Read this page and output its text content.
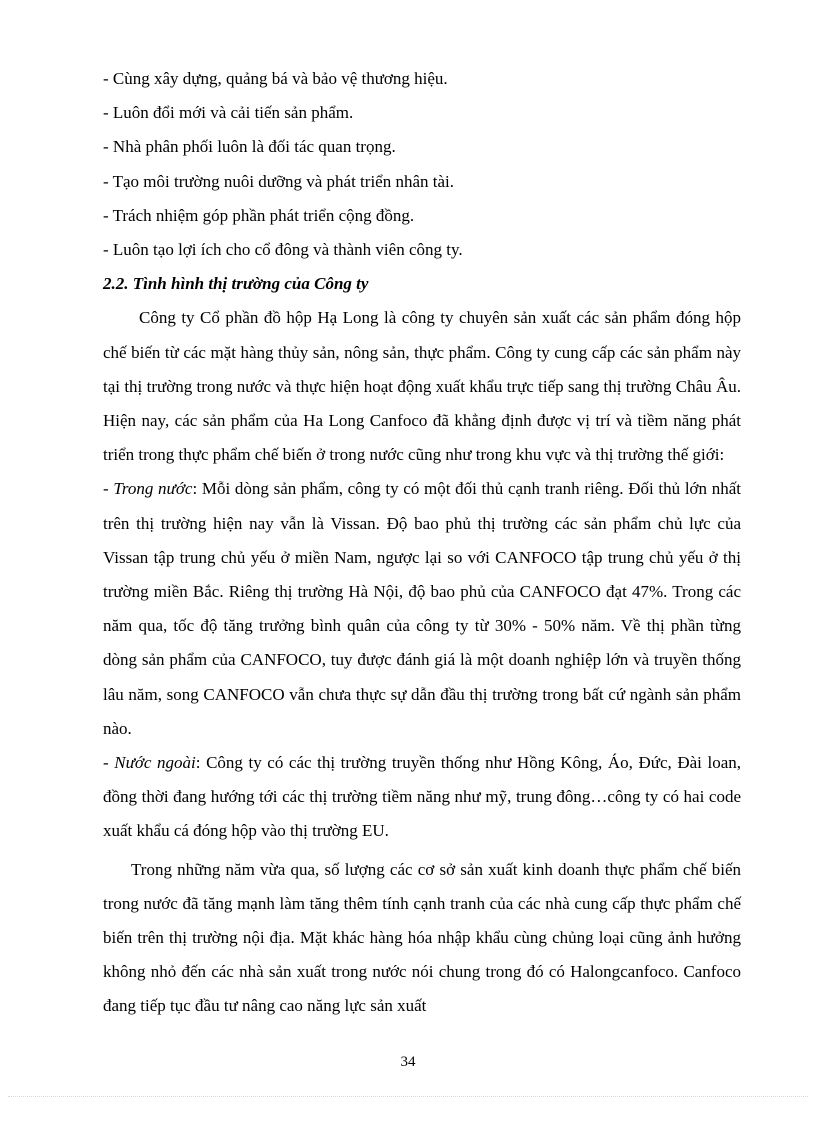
- Cùng xây dựng, quảng bá và bảo vệ thương hiệu.
- Luôn đổi mới và cải tiến sản phẩm.
- Nhà phân phối luôn là đối tác quan trọng.
- Tạo môi trường nuôi dưỡng và phát triển nhân tài.
- Trách nhiệm góp phần phát triển cộng đồng.
- Luôn tạo lợi ích cho cổ đông và thành viên công ty.
2.2. Tình hình thị trường của Công ty

Công ty Cổ phần đồ hộp Hạ Long là công ty chuyên sản xuất các sản phẩm đóng hộp chế biến từ các mặt hàng thủy sản, nông sản, thực phẩm. Công ty cung cấp các sản phẩm này tại thị trường trong nước và thực hiện hoạt động xuất khẩu trực tiếp sang thị trường Châu Âu. Hiện nay, các sản phẩm của Ha Long Canfoco đã khẳng định được vị trí và tiềm năng phát triển trong thực phẩm chế biến ở trong nước cũng như trong khu vực và thị trường thế giới:

- Trong nước: Mỗi dòng sản phẩm, công ty có một đối thủ cạnh tranh riêng. Đối thủ lớn nhất trên thị trường hiện nay vẫn là Vissan. Độ bao phủ thị trường các sản phẩm chủ lực của Vissan tập trung chủ yếu ở miền Nam, ngược lại so với CANFOCO tập trung chủ yếu ở thị trường miền Bắc. Riêng thị trường Hà Nội, độ bao phủ của CANFOCO đạt 47%. Trong các năm qua, tốc độ tăng trưởng bình quân của công ty từ 30% - 50% năm. Về thị phần từng dòng sản phẩm của CANFOCO, tuy được đánh giá là một doanh nghiệp lớn và truyền thống lâu năm, song CANFOCO vẫn chưa thực sự dẫn đầu thị trường trong bất cứ ngành sản phẩm nào.

- Nước ngoài: Công ty có các thị trường truyền thống như Hồng Kông, Áo, Đức, Đài loan, đồng thời đang hướng tới các thị trường tiềm năng như mỹ, trung đông…công ty có hai code xuất khẩu cá đóng hộp vào thị trường EU.

Trong những năm vừa qua, số lượng các cơ sở sản xuất kinh doanh thực phẩm chế biến trong nước đã tăng mạnh làm tăng thêm tính cạnh tranh của các nhà cung cấp thực phẩm chế biến trên thị trường nội địa. Mặt khác hàng hóa nhập khẩu cùng chủng loại cũng ảnh hưởng không nhỏ đến các nhà sản xuất trong nước nói chung trong đó có Halongcanfoco. Canfoco đang tiếp tục đầu tư nâng cao năng lực sản xuất

34
